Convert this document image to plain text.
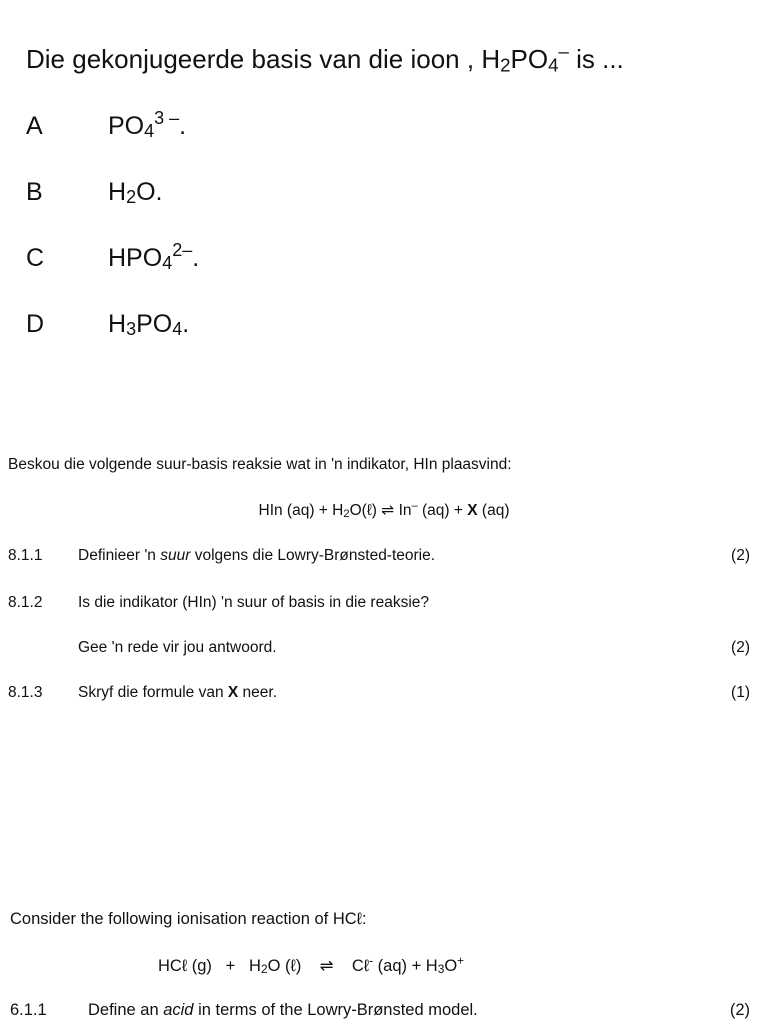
Die gekonjugeerde basis van die ioon , $H_2PO_4^-$ is ...
A	$PO_4^{3 -}$.
B	$H_2O$.
C	$HPO_4^{2-}$.
D	$H_3PO_4$.
Beskou die volgende suur-basis reaksie wat in 'n indikator, HIn plaasvind:
HIn $(aq) + H_2O(\ell)$ ⇌ In– (aq) + X (aq)
8.1.1 Definieer 'n suur volgens die Lowry-Brønsted-teorie.	(2)
8.1.2 Is die indikator (HIn) 'n suur of basis in die reaksie?
Gee 'n rede vir jou antwoord.	(2)
8.1.3 Skryf die formule van X neer.	(1)
Consider the following ionisation reaction of HCℓ:
HCℓ $(g) + H_2O$ (ℓ)    ⇌    Cℓ- $(aq) + H_3O^+$
6.1.1	Define an acid in terms of the Lowry-Brønsted model.	(2)
